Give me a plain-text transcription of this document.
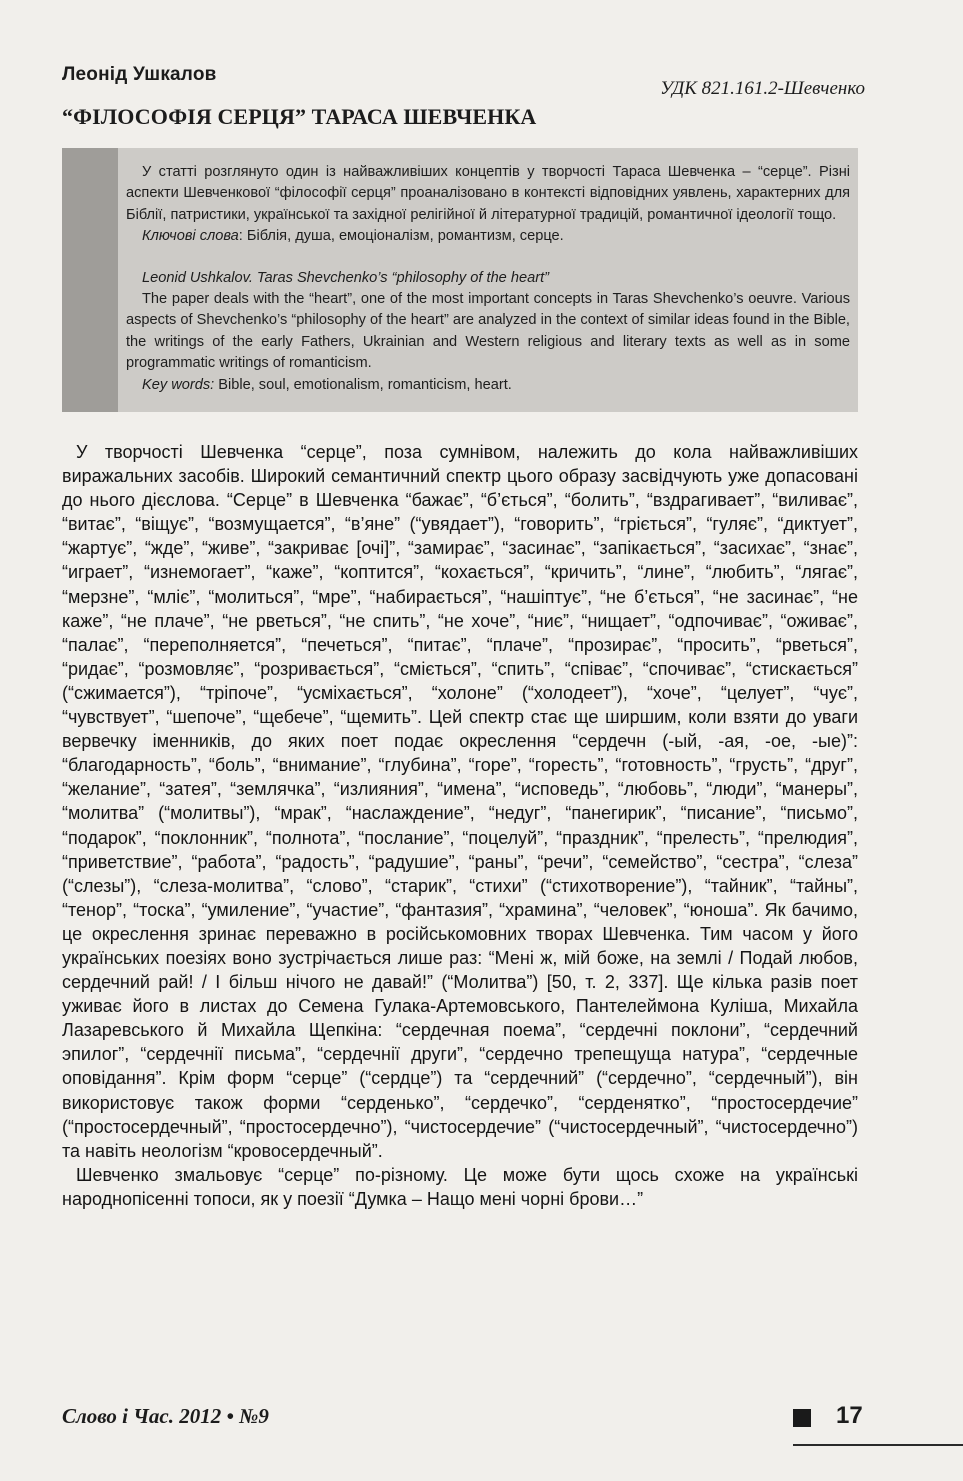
Леонід Ушкалов
УДК 821.161.2-Шевченко
“ФІЛОСОФІЯ СЕРЦЯ” ТАРАСА ШЕВЧЕНКА

У статті розглянуто один із найважливіших концептів у творчості Тараса Шевченка – “серце”. Різні аспекти Шевченкової “філософії серця” проаналізовано в контексті відповідних уявлень, характерних для Біблії, патристики, української та західної релігійної й літературної традицій, романтичної ідеології тощо.

Ключові слова: Біблія, душа, емоціоналізм, романтизм, серце.

Leonid Ushkalov. Taras Shevchenko’s “philosophy of the heart”

The paper deals with the “heart”, one of the most important concepts in Taras Shevchenko’s oeuvre. Various aspects of Shevchenko’s “philosophy of the heart” are analyzed in the context of similar ideas found in the Bible, the writings of the early Fathers, Ukrainian and Western religious and literary texts as well as in some programmatic writings of romanticism.

Key words: Bible, soul, emotionalism, romanticism, heart.

У творчості Шевченка “серце”, поза сумнівом, належить до кола найважливіших виражальних засобів. Широкий семантичний спектр цього образу засвідчують уже допасовані до нього дієслова. “Серце” в Шевченка “бажає”, “б’ється”, “болить”, “вздрагивает”, “виливає”, “витає”, “віщує”, “возмущается”, “в’яне” (“увядает”), “говорить”, “гріється”, “гуляє”, “диктует”, “жартує”, “жде”, “живе”, “закриває [очі]”, “замирає”, “засинає”, “запікається”, “засихає”, “знає”, “играет”, “изнемогает”, “каже”, “коптится”, “кохається”, “кричить”, “лине”, “любить”, “лягає”, “мерзне”, “мліє”, “молиться”, “мре”, “набирається”, “нашіптує”, “не б’ється”, “не засинає”, “не каже”, “не плаче”, “не рветься”, “не спить”, “не хоче”, “ниє”, “нищает”, “одпочиває”, “оживає”, “палає”, “переполняется”, “печеться”, “питає”, “плаче”, “прозирає”, “просить”, “рветься”, “ридає”, “розмовляє”, “розривається”, “сміється”, “спить”, “співає”, “спочиває”, “стискається” (“сжимается”), “тріпоче”, “усміхається”, “холоне” (“холодеет”), “хоче”, “целует”, “чує”, “чувствует”, “шепоче”, “щебече”, “щемить”. Цей спектр стає ще ширшим, коли взяти до уваги вервечку іменників, до яких поет подає окреслення “сердечн (-ый, -ая, -ое, -ые)”: “благодарность”, “боль”, “внимание”, “глубина”, “горе”, “горесть”, “готовность”, “грусть”, “друг”, “желание”, “затея”, “землячка”, “излияния”, “имена”, “исповедь”, “любовь”, “люди”, “манеры”, “молитва” (“молитвы”), “мрак”, “наслаждение”, “недуг”, “панегирик”, “писание”, “письмо”, “подарок”, “поклонник”, “полнота”, “послание”, “поцелуй”, “праздник”, “прелесть”, “прелюдия”, “приветствие”, “работа”, “радость”, “радушие”, “раны”, “речи”, “семейство”, “сестра”, “слеза” (“слезы”), “слеза-молитва”, “слово”, “старик”, “стихи” (“стихотворение”), “тайник”, “тайны”, “тенор”, “тоска”, “умиление”, “участие”, “фантазия”, “храмина”, “человек”, “юноша”. Як бачимо, це окреслення зринає переважно в російськомовних творах Шевченка. Тим часом у його українських поезіях воно зустрічається лише раз: “Мені ж, мій боже, на землі / Подай любов, сердечний рай! / І більш нічого не давай!” (“Молитва”) [50, т. 2, 337]. Ще кілька разів поет уживає його в листах до Семена Гулака-Артемовського, Пантелеймона Куліша, Михайла Лазаревського й Михайла Щепкіна: “сердечная поема”, “сердечні поклони”, “сердечний эпилог”, “сердечнії письма”, “сердечнії други”, “сердечно трепещуща натура”, “сердечные оповідання”. Крім форм “серце” (“сердце”) та “сердечний” (“сердечно”, “сердечный”), він використовує також форми “серденько”, “сердечко”, “серденятко”, “простосердечие” (“простосердечный”, “простосердечно”), “чистосердечие” (“чистосердечный”, “чистосердечно”) та навіть неологізм “кровосердечный”.

Шевченко змальовує “серце” по-різному. Це може бути щось схоже на українські народнопісенні топоси, як у поезії “Думка – Нащо мені чорні брови…”

Слово і Час. 2012 • №9	17
